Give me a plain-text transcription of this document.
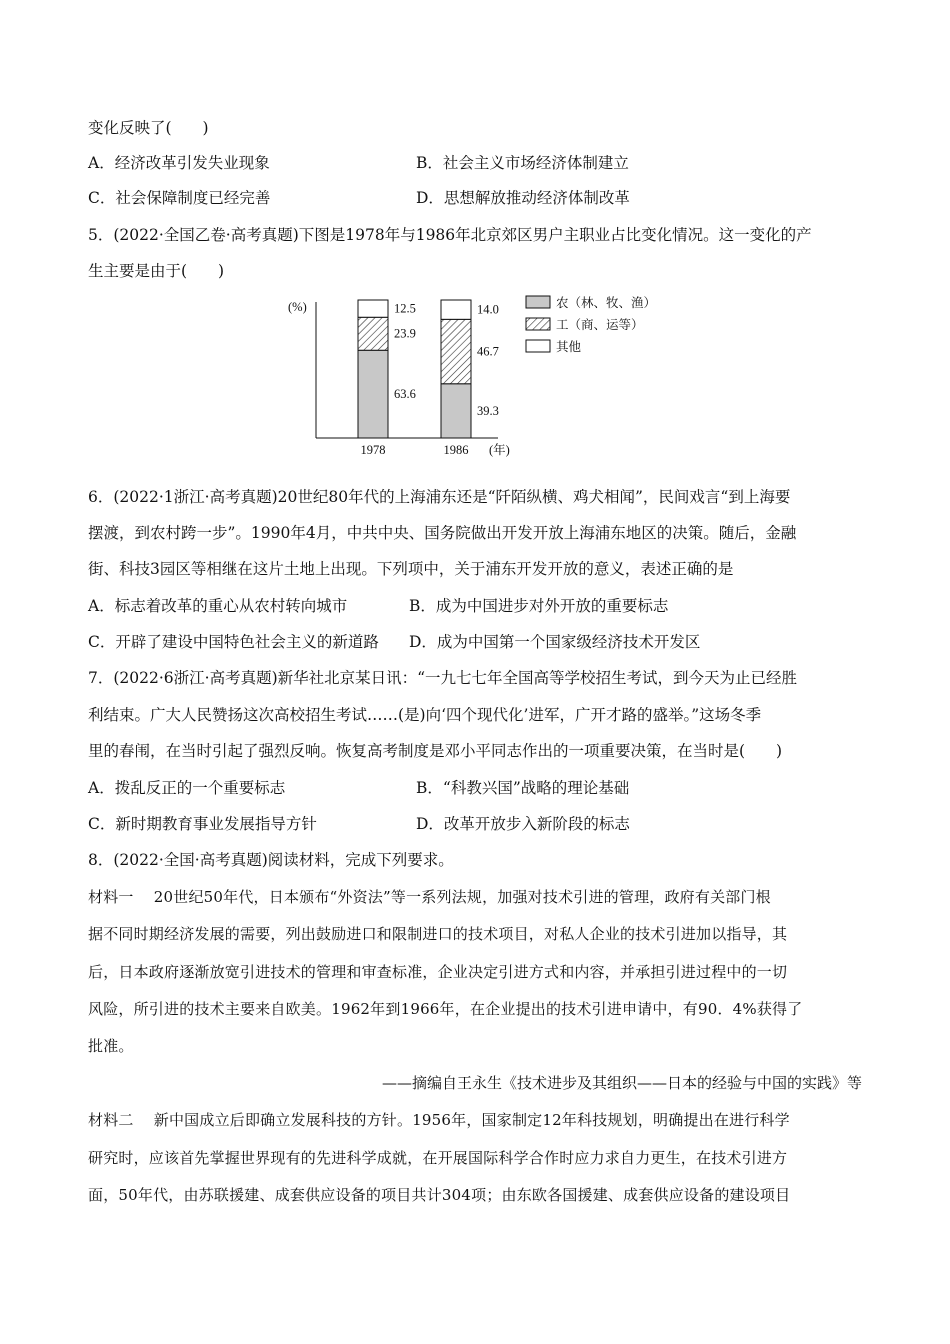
变化反映了(　　)
A．经济改革引发失业现象	B．社会主义市场经济体制建立
C．社会保障制度已经完善	D．思想解放推动经济体制改革
5．(2022·全国乙卷·高考真题)下图是1978年与1986年北京郊区男户主职业占比变化情况。这一变化的产
生主要是由于(　　)
(%)
(年)
63.6
23.9
12.5
1978
39.3
46.7
14.0
1986
农（林、牧、渔）
工（商、运等）
其他
6．(2022·1浙江·高考真题)20世纪80年代的上海浦东还是“阡陌纵横、鸡犬相闻”，民间戏言“到上海要
摆渡，到农村跨一步”。1990年4月，中共中央、国务院做出开发开放上海浦东地区的决策。随后，金融
街、科技3园区等相继在这片土地上出现。下列项中，关于浦东开发开放的意义，表述正确的是
A．标志着改革的重心从农村转向城市	B．成为中国进步对外开放的重要标志
C．开辟了建设中国特色社会主义的新道路 D．成为中国第一个国家级经济技术开发区
7．(2022·6浙江·高考真题)新华社北京某日讯：“一九七七年全国高等学校招生考试，到今天为止已经胜
利结束。广大人民赞扬这次高校招生考试……(是)向‘四个现代化’进军，广开才路的盛举。”这场冬季
里的春闱，在当时引起了强烈反响。恢复高考制度是邓小平同志作出的一项重要决策，在当时是(　　)
A．拨乱反正的一个重要标志	B．“科教兴国”战略的理论基础
C．新时期教育事业发展指导方针	D．改革开放步入新阶段的标志
8．(2022·全国·高考真题)阅读材料，完成下列要求。
材料一　 20世纪50年代，日本颁布“外资法”等一系列法规，加强对技术引进的管理，政府有关部门根
据不同时期经济发展的需要，列出鼓励进口和限制进口的技术项目，对私人企业的技术引进加以指导，其
后，日本政府逐渐放宽引进技术的管理和审查标准，企业决定引进方式和内容，并承担引进过程中的一切
风险，所引进的技术主要来自欧美。1962年到1966年，在企业提出的技术引进申请中，有90．4%获得了
批准。
——摘编自王永生《技术进步及其组织——日本的经验与中国的实践》等
材料二　 新中国成立后即确立发展科技的方针。1956年，国家制定12年科技规划，明确提出在进行科学
研究时，应该首先掌握世界现有的先进科学成就，在开展国际科学合作时应力求自力更生，在技术引进方
面，50年代，由苏联援建、成套供应设备的项目共计304项；由东欧各国援建、成套供应设备的建设项目
